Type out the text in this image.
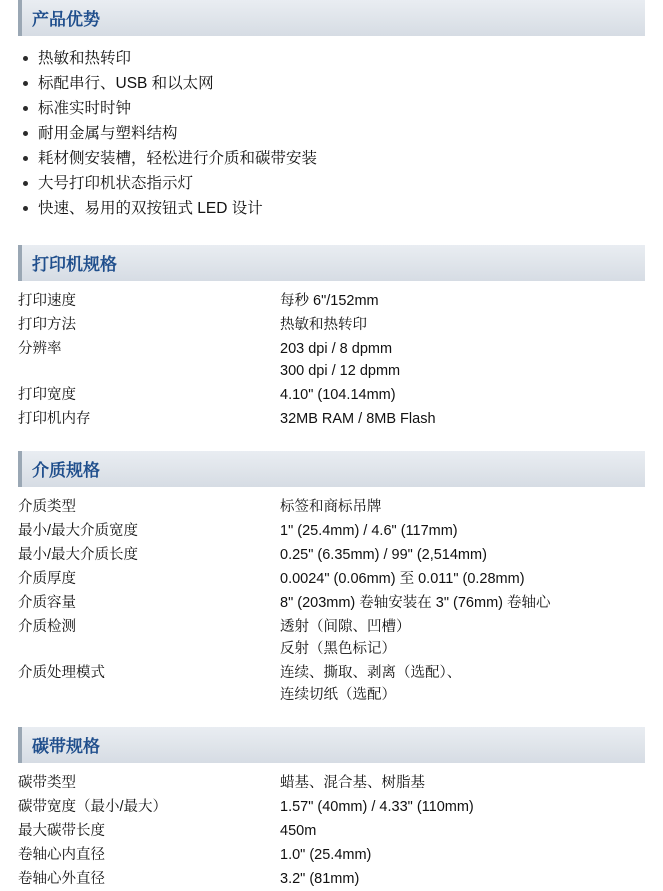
产品优势
热敏和热转印
标配串行、USB 和以太网
标准实时时钟
耐用金属与塑料结构
耗材侧安装槽，轻松进行介质和碳带安装
大号打印机状态指示灯
快速、易用的双按钮式 LED 设计
打印机规格
打印速度	每秒 6"/152mm
打印方法	热敏和热转印
分辨率	203 dpi / 8 dpmm
300 dpi / 12 dpmm

打印宽度	4.10" (104.14mm)
打印机内存	32MB RAM / 8MB Flash
介质规格
介质类型	标签和商标吊牌
最小/最大介质宽度	1" (25.4mm) / 4.6" (117mm)
最小/最大介质长度	0.25" (6.35mm) / 99" (2,514mm)
介质厚度	0.0024" (0.06mm) 至 0.011" (0.28mm)
介质容量	8" (203mm) 卷轴安装在 3" (76mm) 卷轴心
介质检测	透射（间隙、凹槽）
反射（黑色标记）

介质处理模式	连续、撕取、剥离（选配）、
连续切纸（选配）
碳带规格
碳带类型	蜡基、混合基、树脂基
碳带宽度（最小/最大）	1.57" (40mm) / 4.33" (110mm)
最大碳带长度	450m
卷轴心内直径	1.0" (25.4mm)
卷轴心外直径	3.2" (81mm)
